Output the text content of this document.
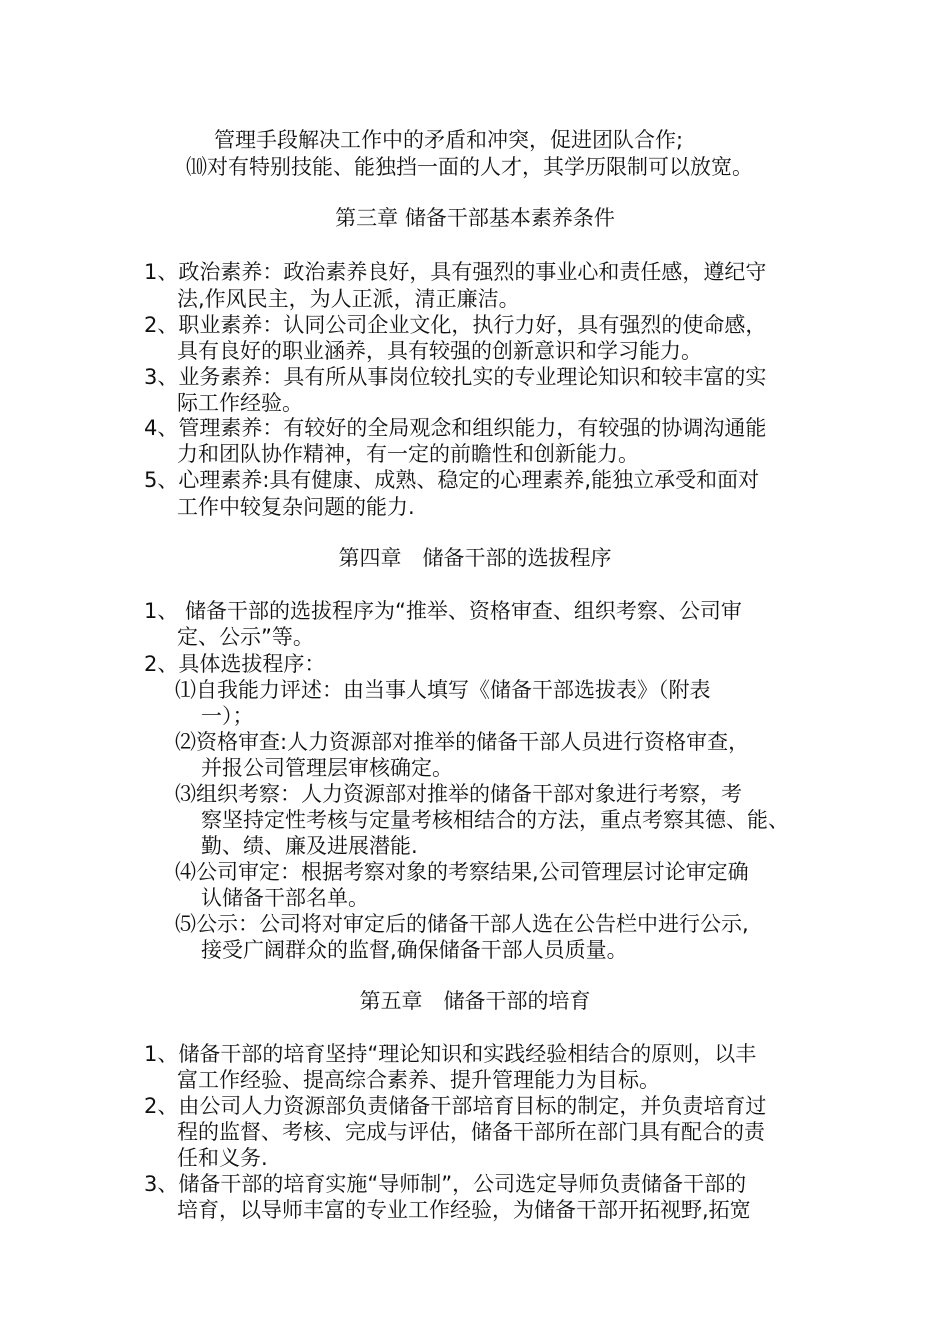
管理手段解决工作中的矛盾和冲突，促进团队合作;
⑽对有特别技能、能独挡一面的人才，其学历限制可以放宽。
第三章 储备干部基本素养条件
1、政治素养：政治素养良好，具有强烈的事业心和责任感，遵纪守
法,作风民主，为人正派，清正廉洁。
2、职业素养：认同公司企业文化，执行力好，具有强烈的使命感，
具有良好的职业涵养，具有较强的创新意识和学习能力。
3、业务素养：具有所从事岗位较扎实的专业理论知识和较丰富的实
际工作经验。
4、管理素养：有较好的全局观念和组织能力，有较强的协调沟通能
力和团队协作精神，有一定的前瞻性和创新能力。
5、心理素养:具有健康、成熟、稳定的心理素养,能独立承受和面对
工作中较复杂问题的能力.
第四章　储备干部的选拔程序
1、 储备干部的选拔程序为“推举、资格审查、组织考察、公司审
定、公示”等。
2、具体选拔程序：
⑴自我能力评述：由当事人填写《储备干部选拔表》（附表
一）；
⑵资格审查:人力资源部对推举的储备干部人员进行资格审查，
并报公司管理层审核确定。
⑶组织考察：人力资源部对推举的储备干部对象进行考察，考
察坚持定性考核与定量考核相结合的方法，重点考察其德、能、
勤、绩、廉及进展潜能.
⑷公司审定：根据考察对象的考察结果,公司管理层讨论审定确
认储备干部名单。
⑸公示：公司将对审定后的储备干部人选在公告栏中进行公示,
接受广阔群众的监督,确保储备干部人员质量。
第五章　储备干部的培育
1、储备干部的培育坚持“理论知识和实践经验相结合的原则，以丰
富工作经验、提高综合素养、提升管理能力为目标。
2、由公司人力资源部负责储备干部培育目标的制定，并负责培育过
程的监督、考核、完成与评估，储备干部所在部门具有配合的责
任和义务.
3、储备干部的培育实施“导师制”，公司选定导师负责储备干部的
培育，以导师丰富的专业工作经验，为储备干部开拓视野,拓宽
